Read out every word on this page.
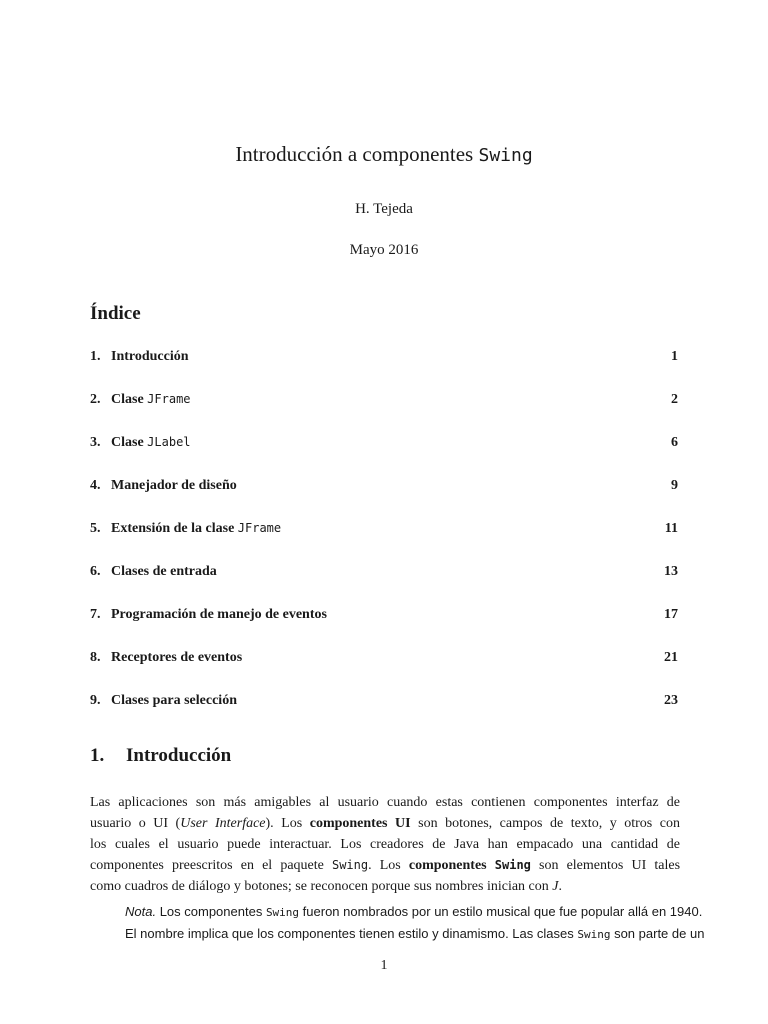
Introducción a componentes Swing
H. Tejeda
Mayo 2016
Índice
1. Introducción	1
2. Clase JFrame	2
3. Clase JLabel	6
4. Manejador de diseño	9
5. Extensión de la clase JFrame	11
6. Clases de entrada	13
7. Programación de manejo de eventos	17
8. Receptores de eventos	21
9. Clases para selección	23
1. Introducción
Las aplicaciones son más amigables al usuario cuando estas contienen componentes interfaz de
usuario o UI (User Interface). Los componentes UI son botones, campos de texto, y otros con
los cuales el usuario puede interactuar. Los creadores de Java han empacado una cantidad de
componentes preescritos en el paquete Swing. Los componentes Swing son elementos UI tales
como cuadros de diálogo y botones; se reconocen porque sus nombres inician con J.
Nota. Los componentes Swing fueron nombrados por un estilo musical que fue popular allá en 1940.
El nombre implica que los componentes tienen estilo y dinamismo. Las clases Swing son parte de un
1
